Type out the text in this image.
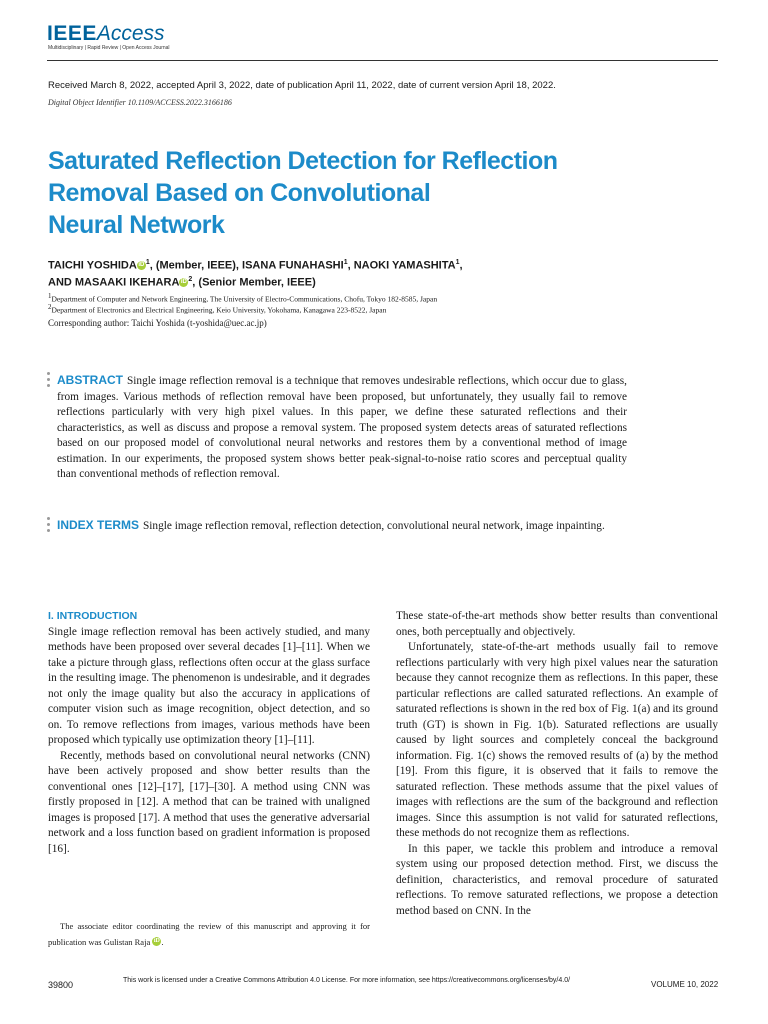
IEEEAccess
Multidisciplinary | Rapid Review | Open Access Journal
Received March 8, 2022, accepted April 3, 2022, date of publication April 11, 2022, date of current version April 18, 2022.
Digital Object Identifier 10.1109/ACCESS.2022.3166186
Saturated Reflection Detection for Reflection
Removal Based on Convolutional
Neural Network
TAICHI YOSHIDA iD $^1$, (Member, IEEE), ISANA FUNAHASHI$^1$, NAOKI YAMASHITA$^1$,
AND MASAAKI IKEHARA iD $^2$, (Senior Member, IEEE)
$^1$Department of Computer and Network Engineering, The University of Electro-Communications, Chofu, Tokyo 182-8585, Japan
$^2$Department of Electronics and Electrical Engineering, Keio University, Yokohama, Kanagawa 223-8522, Japan
Corresponding author: Taichi Yoshida (t-yoshida@uec.ac.jp)
ABSTRACT Single image reflection removal is a technique that removes undesirable reflections, which occur due to glass, from images. Various methods of reflection removal have been proposed, but unfortunately, they usually fail to remove reflections particularly with very high pixel values. In this paper, we define these saturated reflections and their characteristics, as well as discuss and propose a removal system. The proposed system detects areas of saturated reflections based on our proposed model of convolutional neural networks and restores them by a conventional method of image estimation. In our experiments, the proposed system shows better peak-signal-to-noise ratio scores and perceptual quality than conventional methods of reflection removal.
INDEX TERMS Single image reflection removal, reflection detection, convolutional neural network, image inpainting.
I. INTRODUCTION

Single image reflection removal has been actively studied, and many methods have been proposed over several decades [1]–[11]. When we take a picture through glass, reflections often occur at the glass surface in the resulting image. The phenomenon is undesirable, and it degrades not only the image quality but also the accuracy in applications of computer vision such as image recognition, object detection, and so on. To remove reflections from images, various methods have been proposed which typically use optimization theory [1]–[11].

Recently, methods based on convolutional neural networks (CNN) have been actively proposed and show better results than the conventional ones [12]–[17], [17]–[30]. A method using CNN was firstly proposed in [12]. A method that can be trained with unaligned images is proposed [17]. A method that uses the generative adversarial network and a loss function based on gradient information is proposed [16].

These state-of-the-art methods show better results than conventional ones, both perceptually and objectively.

Unfortunately, state-of-the-art methods usually fail to remove reflections particularly with very high pixel values near the saturation because they cannot recognize them as reflections. In this paper, these particular reflections are called saturated reflections. An example of saturated reflections is shown in the red box of Fig. 1(a) and its ground truth (GT) is shown in Fig. 1(b). Saturated reflections are usually caused by light sources and completely conceal the background information. Fig. 1(c) shows the removed results of (a) by the method [19]. From this figure, it is observed that it fails to remove the saturated reflection. These methods assume that the pixel values of images with reflections are the sum of the background and reflection images. Since this assumption is not valid for saturated reflections, these methods do not recognize them as reflections.

In this paper, we tackle this problem and introduce a removal system using our proposed detection method. First, we discuss the definition, characteristics, and removal procedure of saturated reflections. To remove saturated reflections, we propose a detection method based on CNN. In the

The associate editor coordinating the review of this manuscript and approving it for publication was Gulistan Raja iD .
39800	This work is licensed under a Creative Commons Attribution 4.0 License. For more information, see https://creativecommons.org/licenses/by/4.0/	VOLUME 10, 2022
